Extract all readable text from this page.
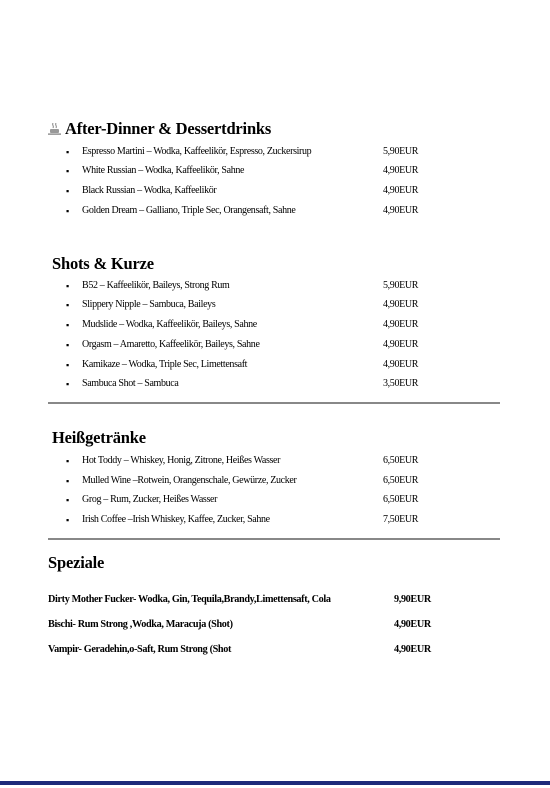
After-Dinner & Dessertdrinks
▪ Espresso Martini – Wodka, Kaffeelikör, Espresso, Zuckersirup	5,90EUR
▪ White Russian – Wodka, Kaffeelikör, Sahne	4,90EUR
▪ Black Russian – Wodka, Kaffeelikör	4,90EUR
▪ Golden Dream – Galliano, Triple Sec, Orangensaft, Sahne	4,90EUR
Shots & Kurze
▪ B52 – Kaffeelikör, Baileys, Strong Rum	5,90EUR
▪ Slippery Nipple – Sambuca, Baileys	4,90EUR
▪ Mudslide – Wodka, Kaffeelikör, Baileys, Sahne	4,90EUR
▪ Orgasm – Amaretto, Kaffeelikör, Baileys, Sahne	4,90EUR
▪ Kamikaze – Wodka, Triple Sec, Limettensaft	4,90EUR
▪ Sambuca Shot – Sambuca	3,50EUR
Heißgetränke
▪ Hot Toddy – Whiskey, Honig, Zitrone, Heißes Wasser	6,50EUR
▪ Mulled Wine –Rotwein, Orangenschale, Gewürze, Zucker	6,50EUR
▪ Grog – Rum, Zucker, Heißes Wasser	6,50EUR
▪ Irish Coffee –Irish Whiskey, Kaffee, Zucker, Sahne	7,50EUR
Speziale
Dirty Mother Fucker- Wodka, Gin, Tequila,Brandy,Limettensaft, Cola	9,90EUR
Bischi- Rum Strong ,Wodka, Maracuja (Shot)	4,90EUR
Vampir- Geradehin,o-Saft, Rum Strong (Shot	4,90EUR
